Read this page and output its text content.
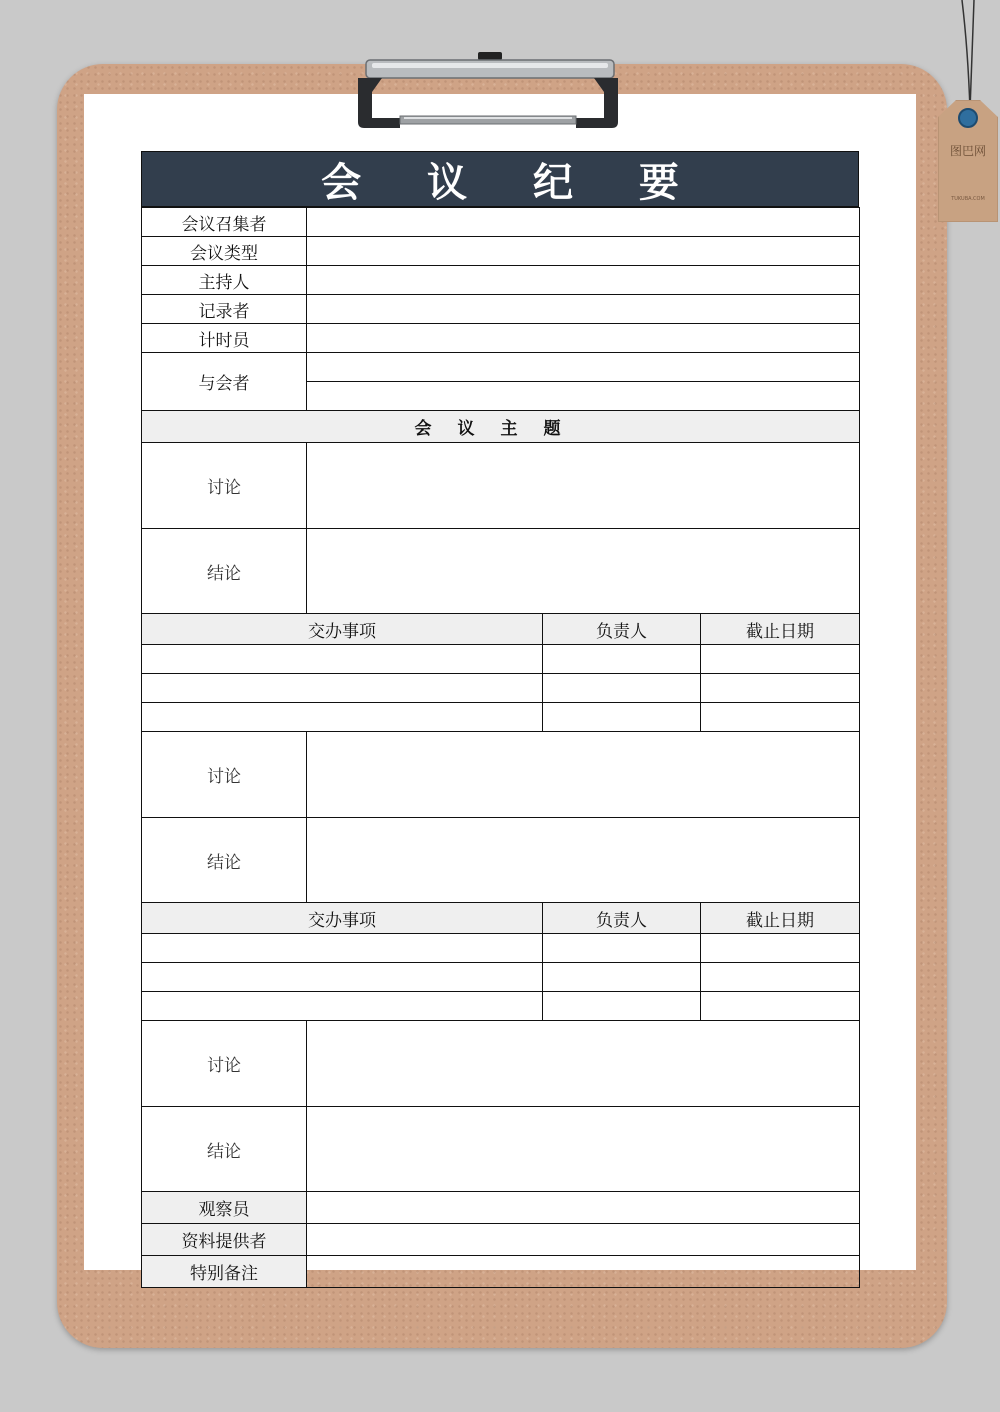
会 议 纪 要
会议召集者			
会议类型			
主持人			
记录者			
计时员			
与会者			

会议主题			
讨论			
结论			
交办事项		负责人	截止日期

讨论			
结论			
交办事项		负责人	截止日期

讨论			
结论			
观察员			
资料提供者			
特别备注			
图巴网
TUKUBA.COM
